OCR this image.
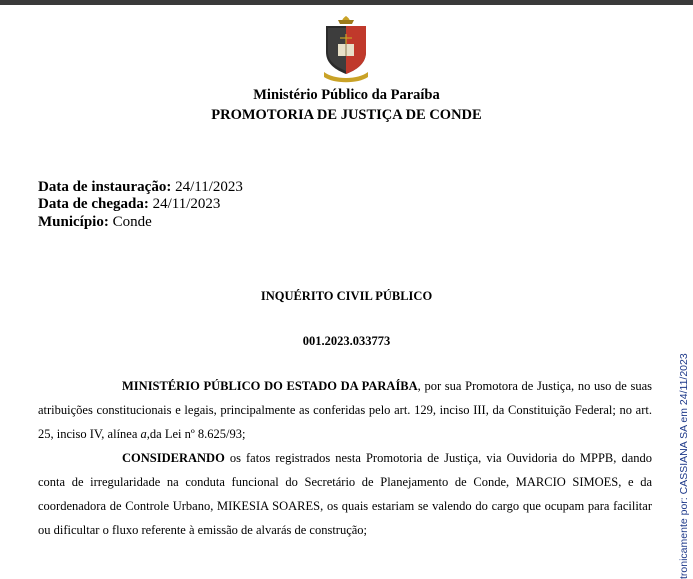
Ministério Público da Paraíba
PROMOTORIA DE JUSTIÇA DE CONDE
Data de instauração: 24/11/2023
Data de chegada: 24/11/2023
Município: Conde
INQUÉRITO CIVIL PÚBLICO
001.2023.033773
MINISTÉRIO PÚBLICO DO ESTADO DA PARAÍBA, por sua Promotora de Justiça, no uso de suas atribuições constitucionais e legais, principalmente as conferidas pelo art. 129, inciso III, da Constituição Federal; no art. 25, inciso IV, alínea a,da Lei nº 8.625/93;
CONSIDERANDO os fatos registrados nesta Promotoria de Justiça, via Ouvidoria do MPPB, dando conta de irregularidade na conduta funcional do Secretário de Planejamento de Conde, MARCIO SIMOES, e da coordenadora de Controle Urbano, MIKESIA SOARES, os quais estariam se valendo do cargo que ocupam para facilitar ou dificultar o fluxo referente à emissão de alvarás de construção;	tronicamente por: CASSIANA SA em 24/11/2023
